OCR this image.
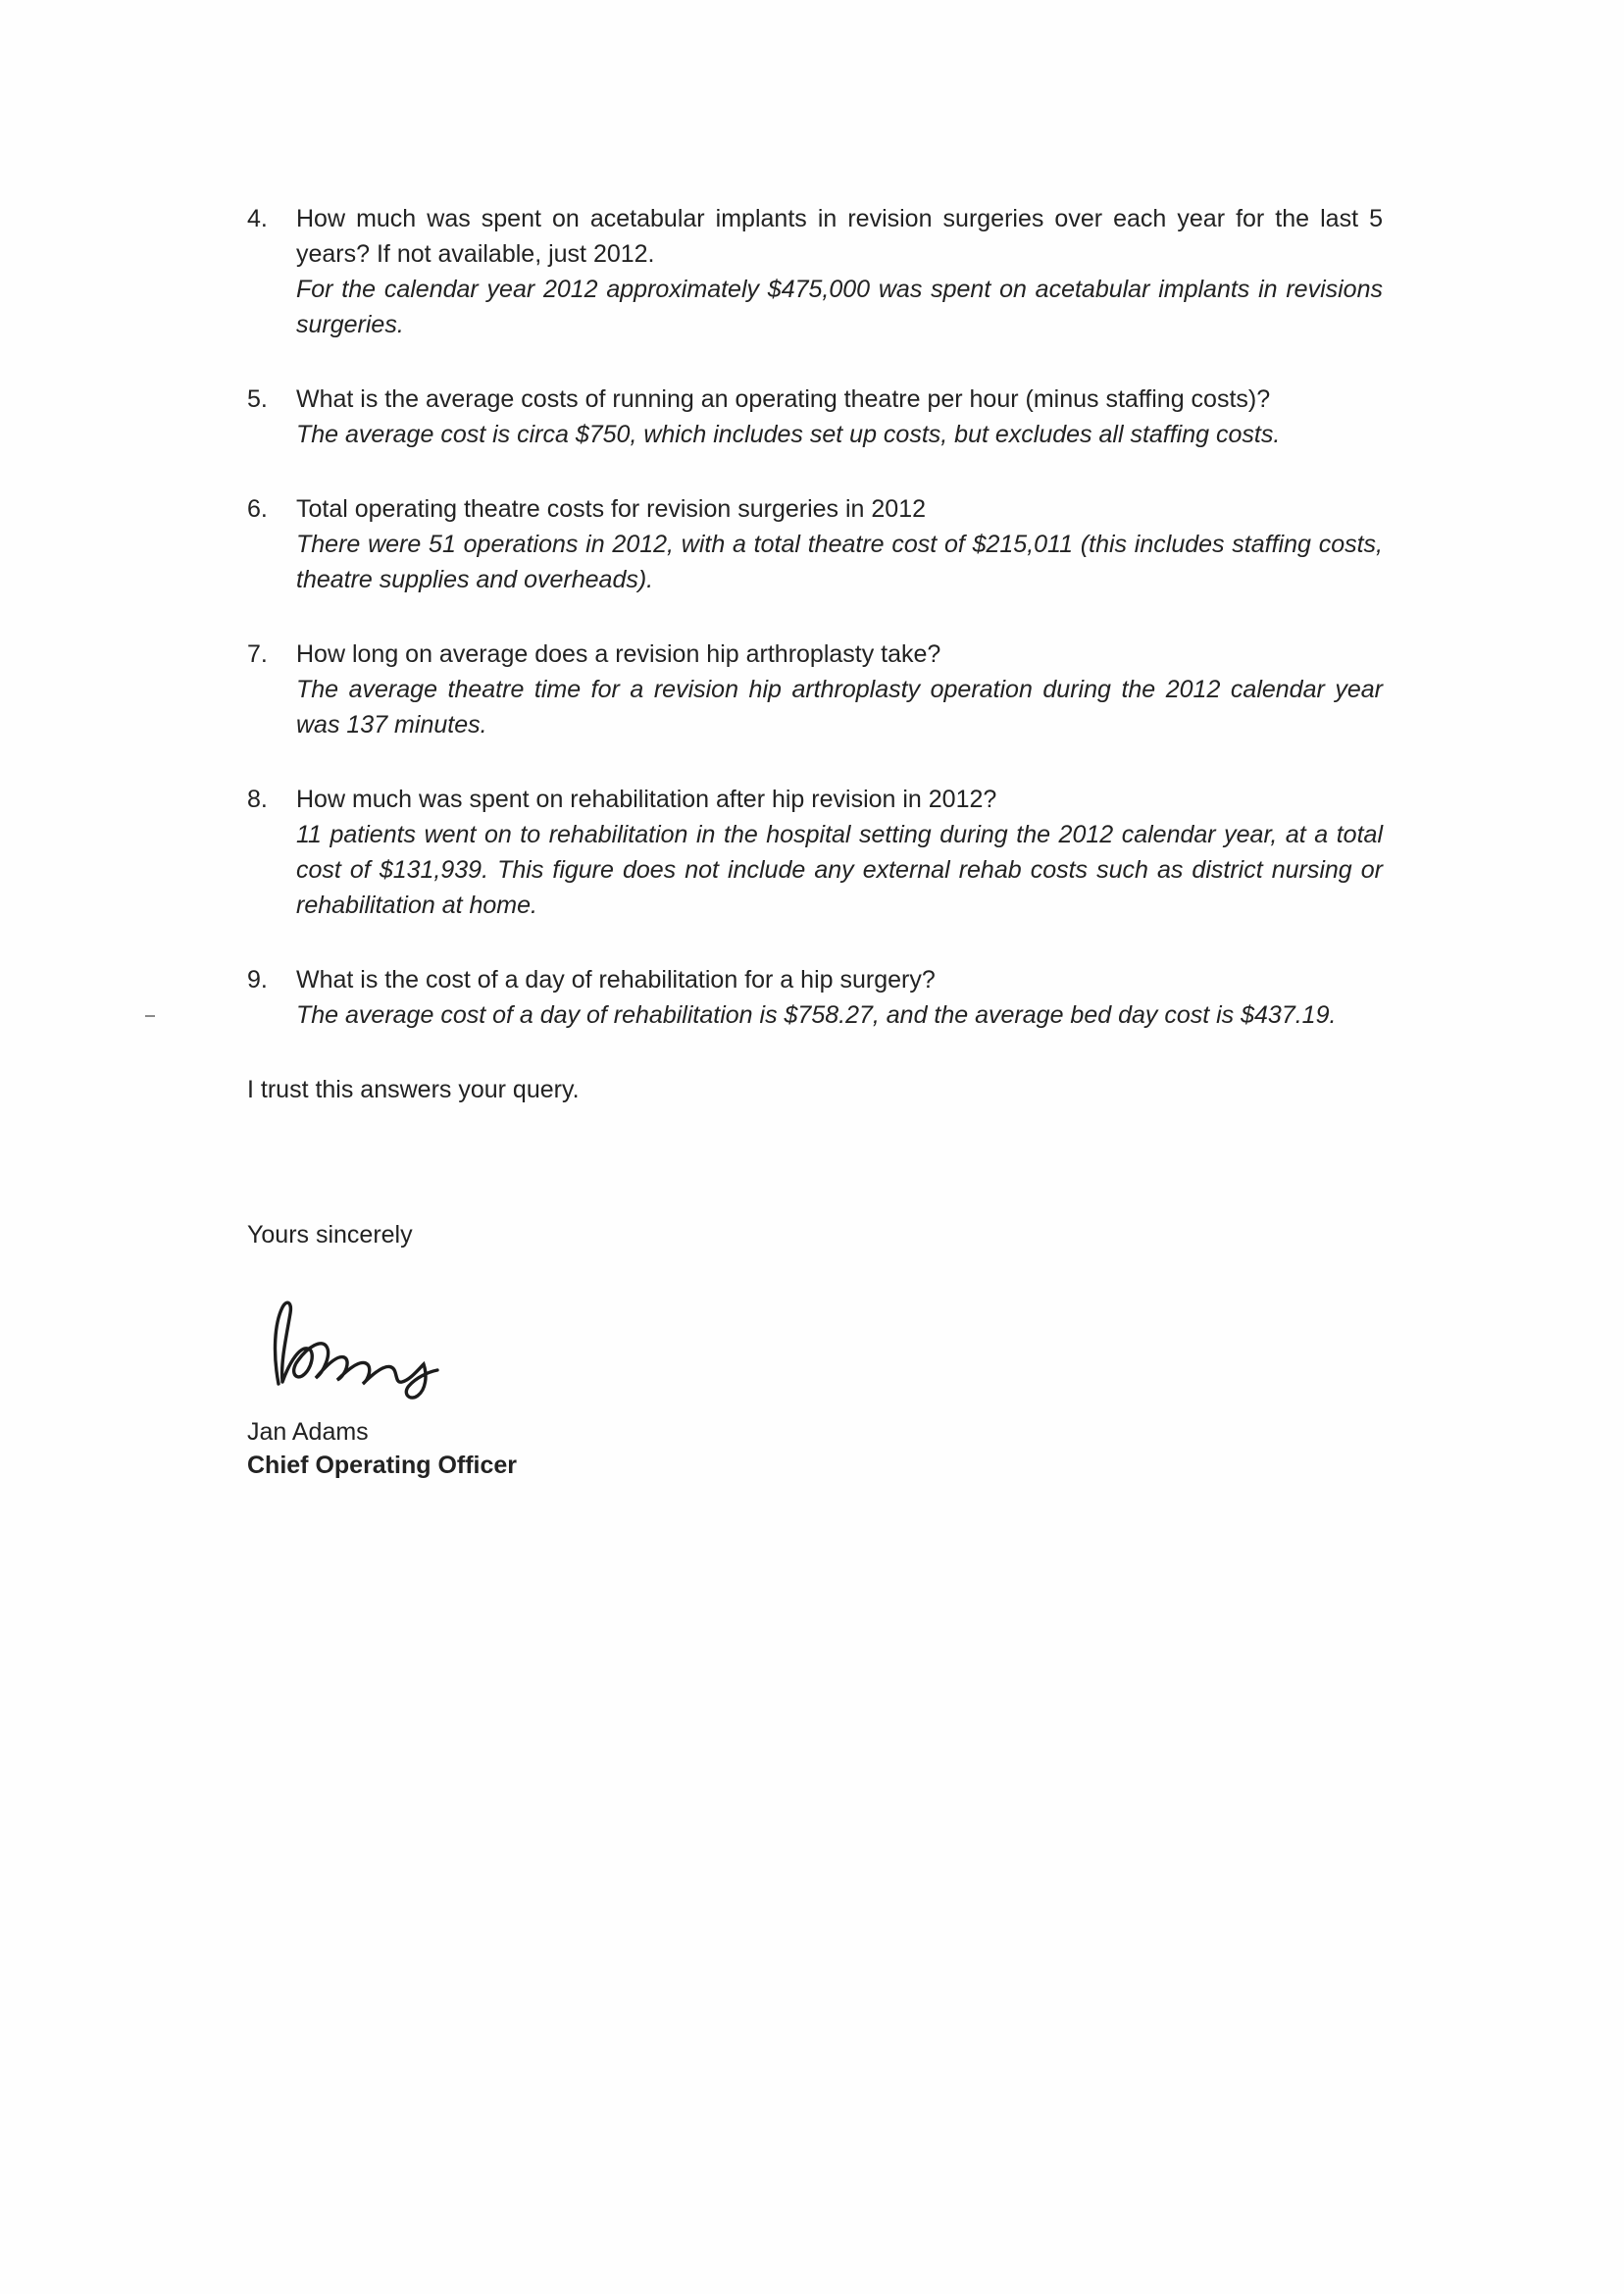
4.	How much was spent on acetabular implants in revision surgeries over each year for the last 5 years? If not available, just 2012.

For the calendar year 2012 approximately $475,000 was spent on acetabular implants in revisions surgeries.

5.	What is the average costs of running an operating theatre per hour (minus staffing costs)?

The average cost is circa $750, which includes set up costs, but excludes all staffing costs.

6.	Total operating theatre costs for revision surgeries in 2012

There were 51 operations in 2012, with a total theatre cost of $215,011 (this includes staffing costs, theatre supplies and overheads).

7.	How long on average does a revision hip arthroplasty take?

The average theatre time for a revision hip arthroplasty operation during the 2012 calendar year was 137 minutes.

8.	How much was spent on rehabilitation after hip revision in 2012?

11 patients went on to rehabilitation in the hospital setting during the 2012 calendar year, at a total cost of $131,939. This figure does not include any external rehab costs such as district nursing or rehabilitation at home.

9.	What is the cost of a day of rehabilitation for a hip surgery?

The average cost of a day of rehabilitation is $758.27, and the average bed day cost is $437.19.

I trust this answers your query.

Yours sincerely

Jan Adams

Chief Operating Officer
